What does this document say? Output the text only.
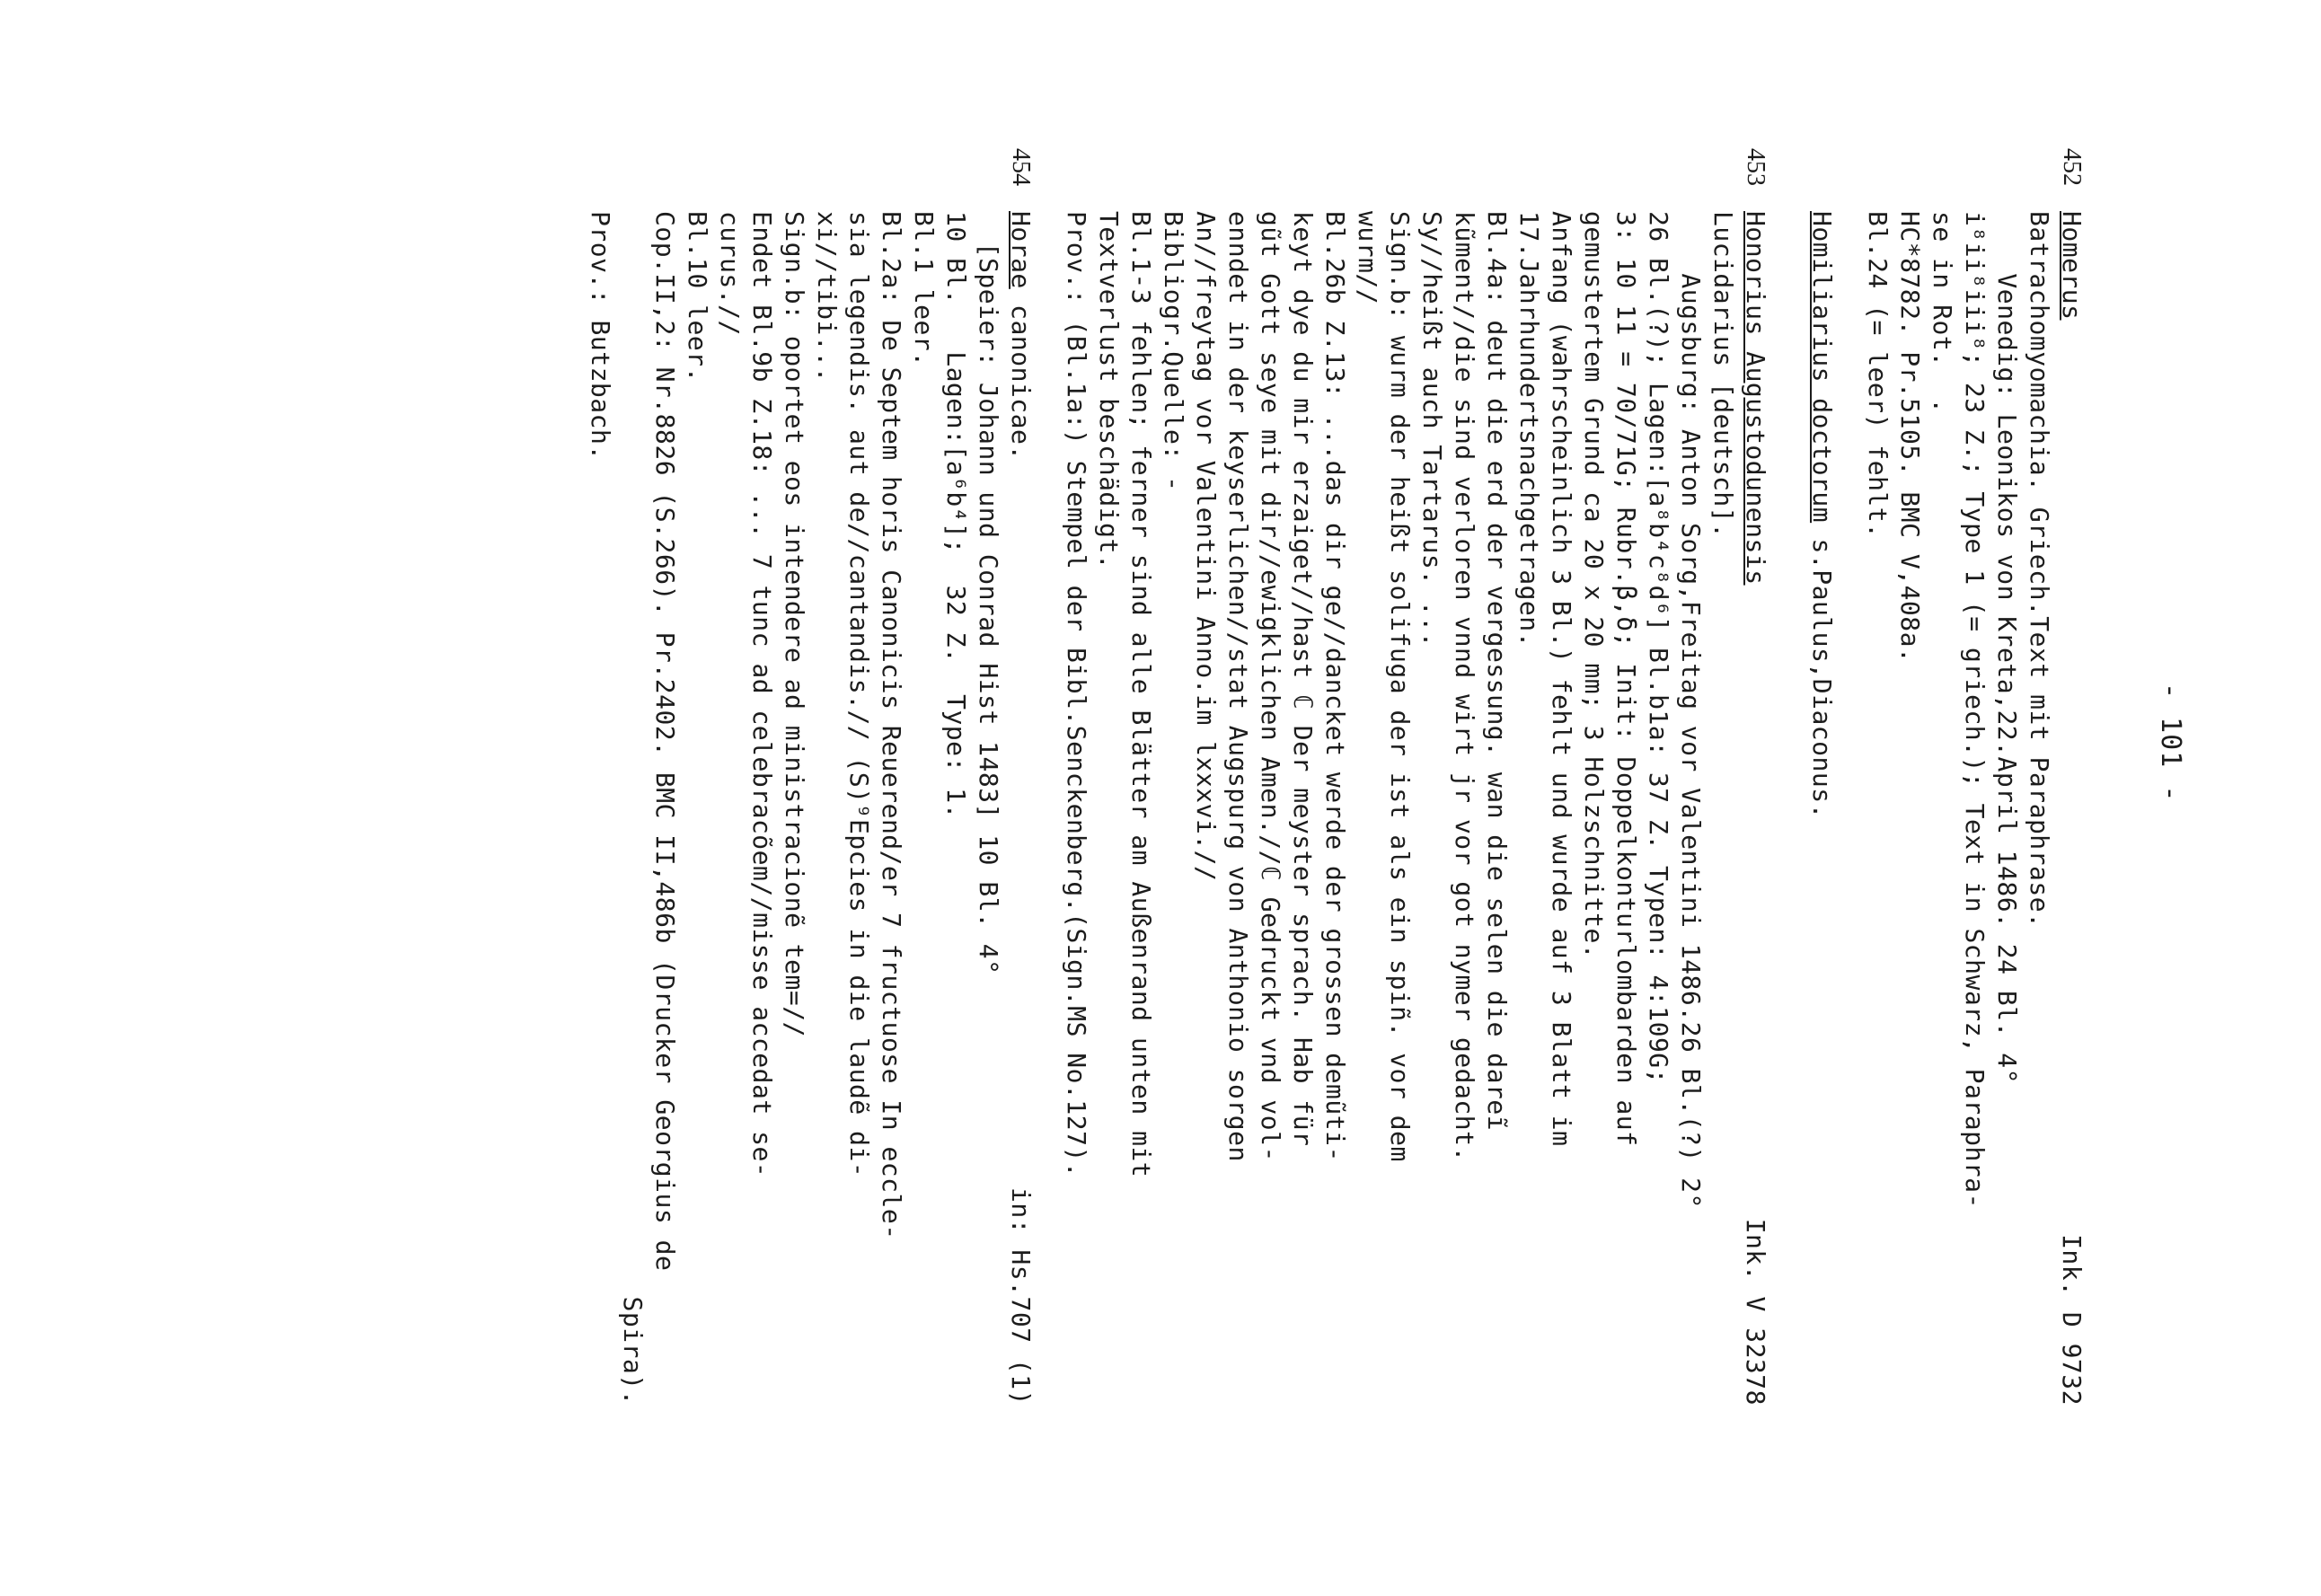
- 101 -
452
Homerus
Ink. D 9732
Batrachomyomachia. Griech.Text mit Paraphrase.
Venedig: Leonikos von Kreta,22.April 1486. 24 Bl. 4°
i⁸ii⁸iii⁸; 23 Z.; Type 1 (= griech.); Text in Schwarz, Paraphra-
se in Rot.  .
HC*8782. Pr.5105. BMC V,408a.
Bl.24 (= leer) fehlt.
Homiliarius doctorum s.Paulus,Diaconus.
453
Honorius Augustodunensis
Ink. V 32378
Lucidarius [deutsch].
Augsburg: Anton Sorg,Freitag vor Valentini 1486.26 Bl.(?) 2°
26 Bl.(?); Lagen:[a⁸b⁴c⁸d⁶] Bl.b1a: 37 Z. Typen: 4:109G;
3: 10 11 = 70/71G; Rubr.β,δ; Init: Doppelkonturlombarden auf
gemustertem Grund ca 20 x 20 mm; 3 Holzschnitte.
Anfang (wahrscheinlich 3 Bl.) fehlt und wurde auf 3 Blatt im
17.Jahrhundertsnachgetragen.
Bl.4a: deut die erd der vergessung. wan die selen die dareĩ
kũment//die sind verloren vnnd wirt jr vor got nymer gedacht.
Sy//heißt auch Tartarus. ...
Sign.b: wurm der heißt solifuga der ist als ein spiñ. vor dem
wurm//
Bl.26b Z.13: ...das dir ge//dancket werde der grossen demũti-
keyt dye du mir erzaiget//hast ℂ Der meyster sprach. Hab für
gũt Gott seye mit dir//ewigklichen Amen.//ℂ Gedruckt vnd vol-
enndet in der keyserlichen//stat Augspurg von Anthonio sorgen
An//freytag vor Valentini Anno.im lxxxvi.//
Bibliogr.Quelle: -
Bl.1-3 fehlen; ferner sind alle Blätter am Außenrand unten mit
Textverlust beschädigt.
Prov.: (Bl.1a:) Stempel der Bibl.Senckenberg.(Sign.MS No.127).
454
Horae canonicae.
in: Hs.707 (1)
[Speier: Johann und Conrad Hist 1483] 10 Bl. 4°
10 Bl.   Lagen:[a⁶b⁴];  32 Z.  Type: 1.
Bl.1 leer.
Bl.2a: De Septem horis Canonicis Reuerend/er 7 fructuose In eccle-
sia legendis. aut de//cantandis.// (S)⁹Epcies in die laudẽ di-
xi//tibi...
Sign.b: oportet eos intendere ad ministracionẽ tem=//
Endet Bl.9b Z.18: ... 7 tunc ad celebracõem//misse accedat se-
curus.//
Bl.10 leer.
Cop.II,2: Nr.8826 (S.266). Pr.2402. BMC II,486b (Drucker Georgius de
Spira).
Prov.: Butzbach.
